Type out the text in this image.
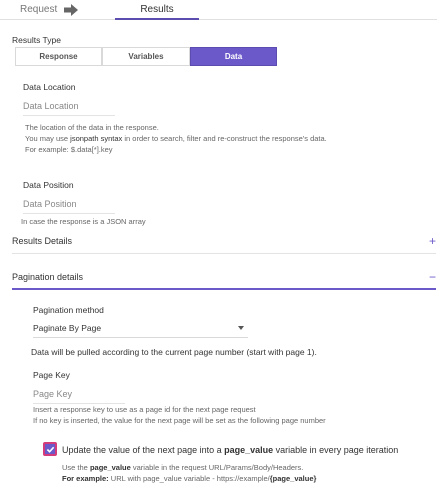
Request	Results
Results Type
Response	Variables	Data
Data Location
Data Location
The location of the data in the response.
You may use jsonpath syntax in order to search, filter and re-construct the response's data.
For example: $.data[*].key
Data Position
Data Position
In case the response is a JSON array
Results Details	+
Pagination details	−
Pagination method
Paginate By Page
Data will be pulled according to the current page number (start with page 1).
Page Key
Page Key
Insert a response key to use as a page id for the next page request
If no key is inserted, the value for the next page will be set as the following page number
Update the value of the next page into a page_value variable in every page iteration
Use the page_value variable in the request URL/Params/Body/Headers.
For example: URL with page_value variable - https://example/{page_value}
